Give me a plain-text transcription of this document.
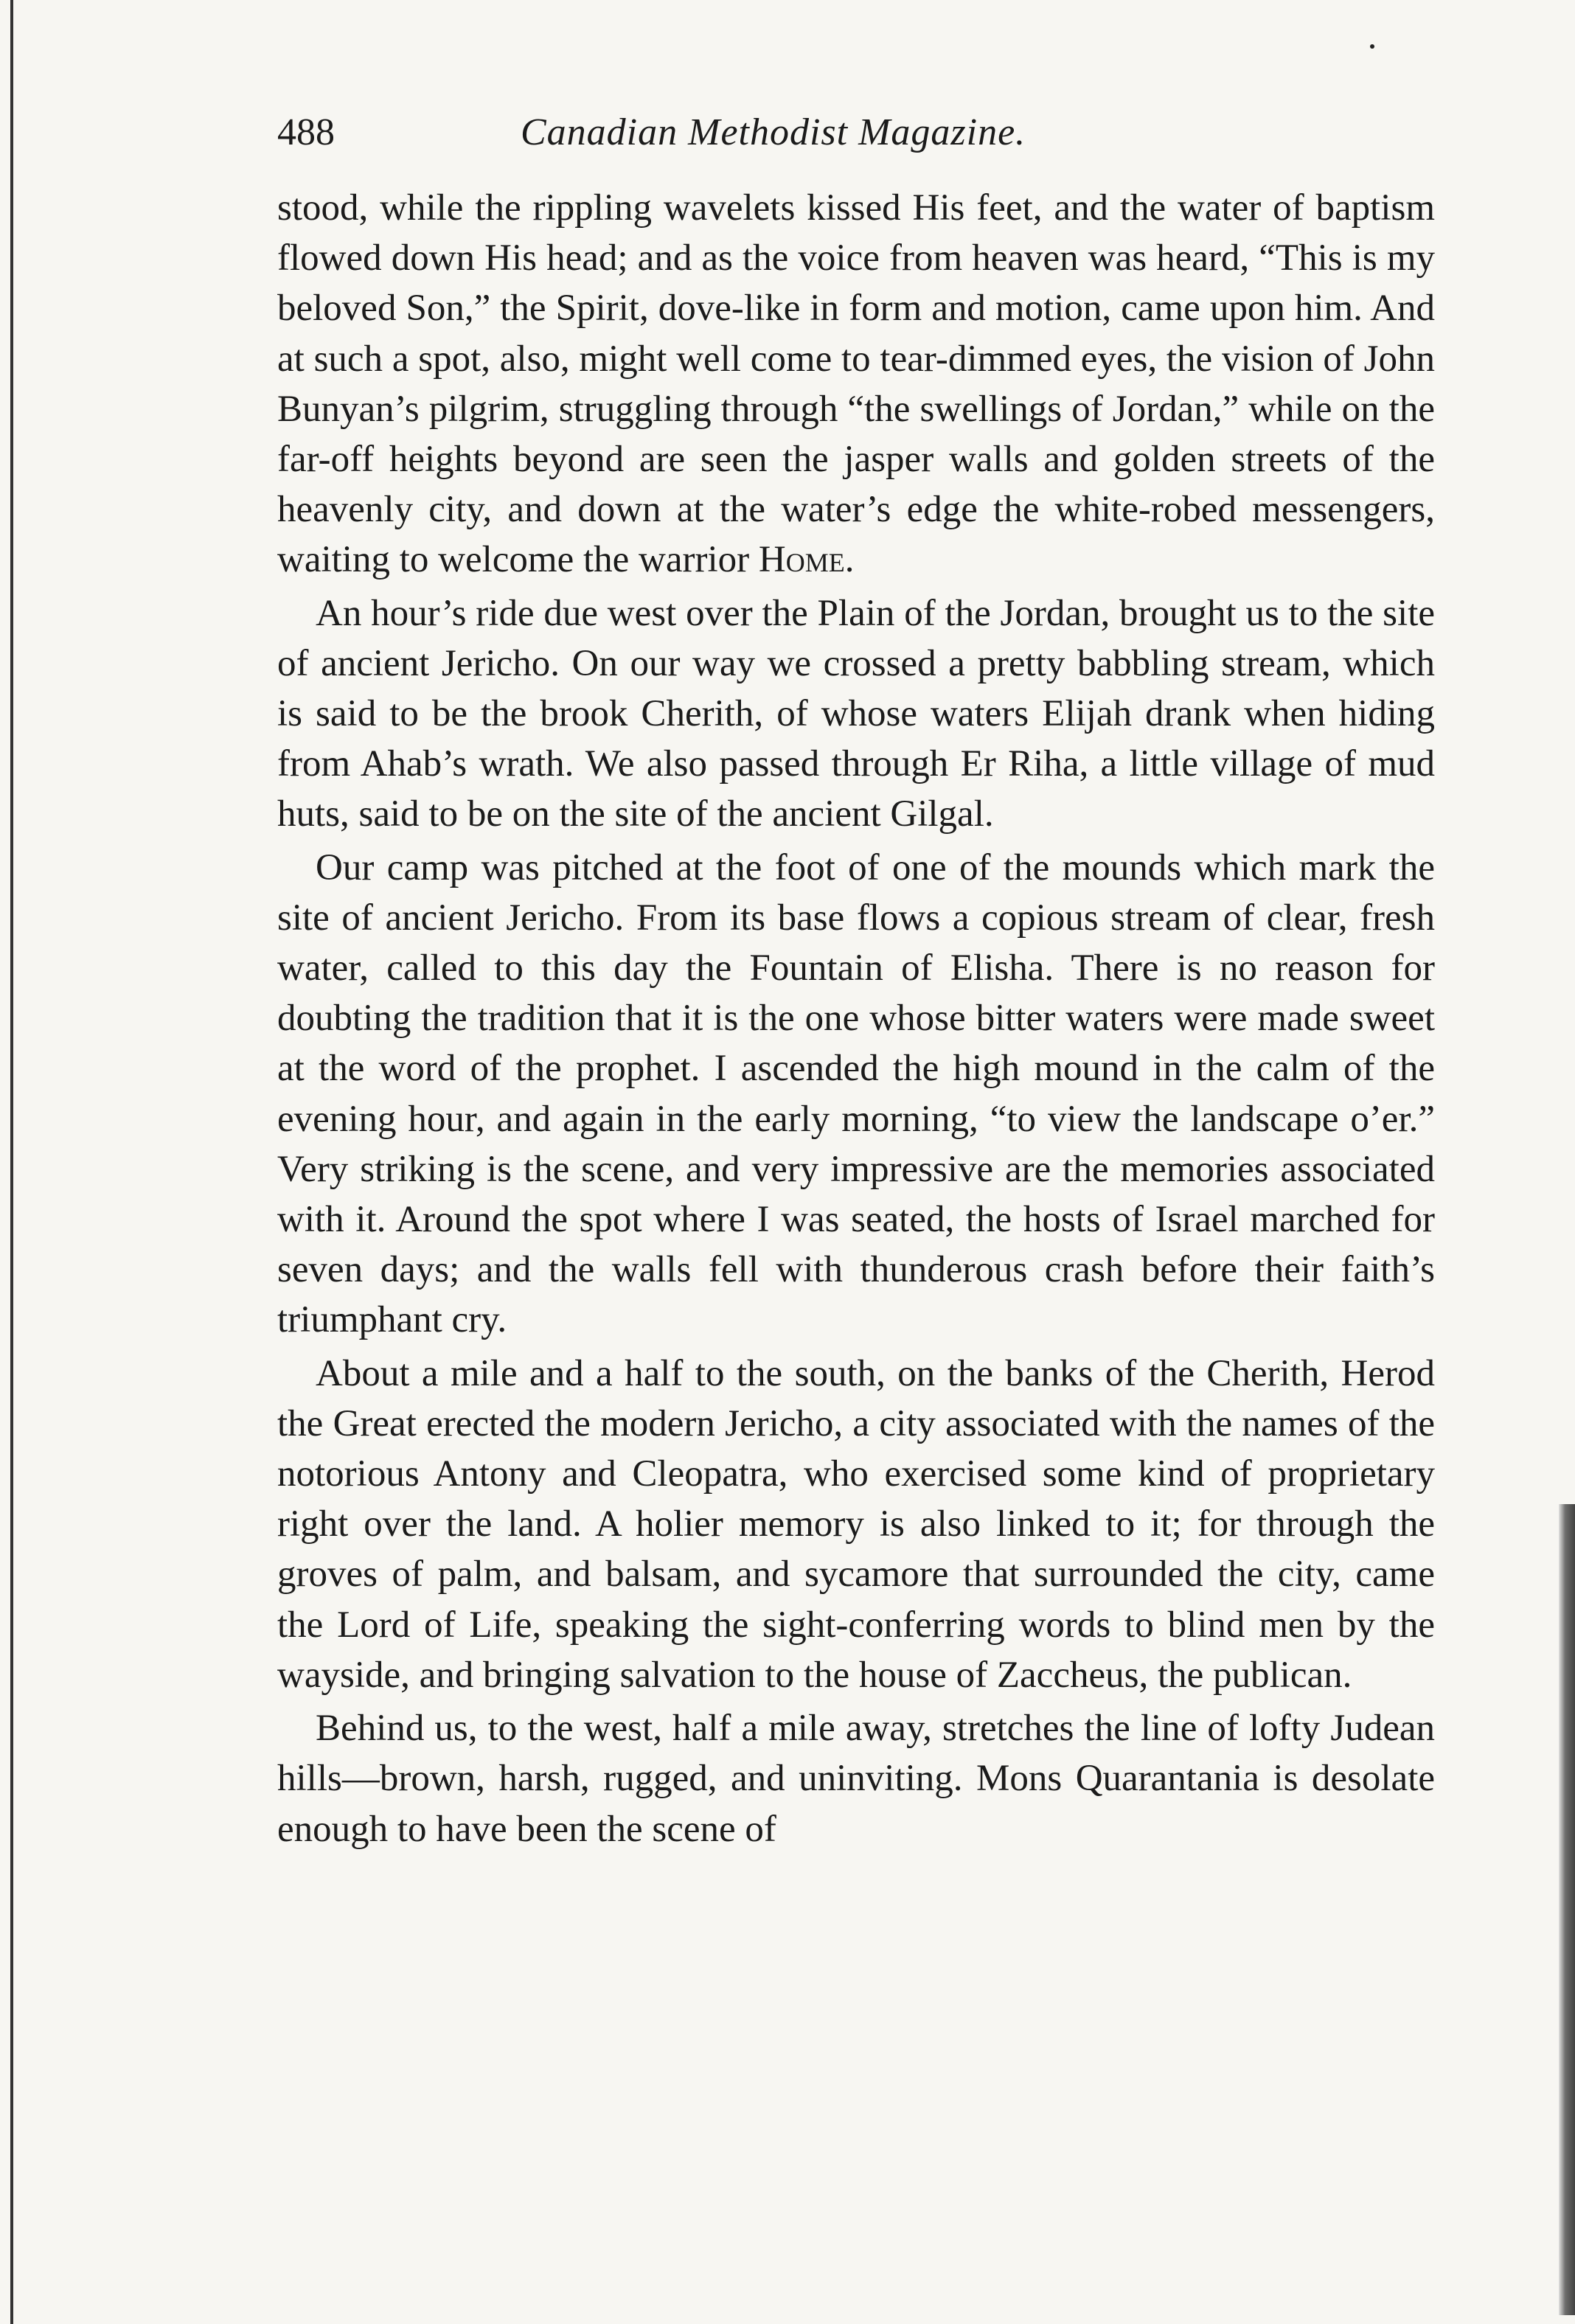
488	Canadian Methodist Magazine.

stood, while the rippling wavelets kissed His feet, and the water of baptism flowed down His head; and as the voice from heaven was heard, “This is my beloved Son,” the Spirit, dove-like in form and motion, came upon him. And at such a spot, also, might well come to tear-dimmed eyes, the vision of John Bunyan’s pilgrim, struggling through “the swellings of Jordan,” while on the far-off heights beyond are seen the jasper walls and golden streets of the heavenly city, and down at the water’s edge the white-robed messengers, waiting to welcome the warrior Home.

An hour’s ride due west over the Plain of the Jordan, brought us to the site of ancient Jericho. On our way we crossed a pretty babbling stream, which is said to be the brook Cherith, of whose waters Elijah drank when hiding from Ahab’s wrath. We also passed through Er Riha, a little village of mud huts, said to be on the site of the ancient Gilgal.

Our camp was pitched at the foot of one of the mounds which mark the site of ancient Jericho. From its base flows a copious stream of clear, fresh water, called to this day the Fountain of Elisha. There is no reason for doubting the tradition that it is the one whose bitter waters were made sweet at the word of the prophet. I ascended the high mound in the calm of the evening hour, and again in the early morning, “to view the landscape o’er.” Very striking is the scene, and very impressive are the memories associated with it. Around the spot where I was seated, the hosts of Israel marched for seven days; and the walls fell with thunderous crash before their faith’s triumphant cry.

About a mile and a half to the south, on the banks of the Cherith, Herod the Great erected the modern Jericho, a city associated with the names of the notorious Antony and Cleopatra, who exercised some kind of proprietary right over the land. A holier memory is also linked to it; for through the groves of palm, and balsam, and sycamore that surrounded the city, came the Lord of Life, speaking the sight-conferring words to blind men by the wayside, and bringing salvation to the house of Zaccheus, the publican.

Behind us, to the west, half a mile away, stretches the line of lofty Judean hills—brown, harsh, rugged, and uninviting. Mons Quarantania is desolate enough to have been the scene of
